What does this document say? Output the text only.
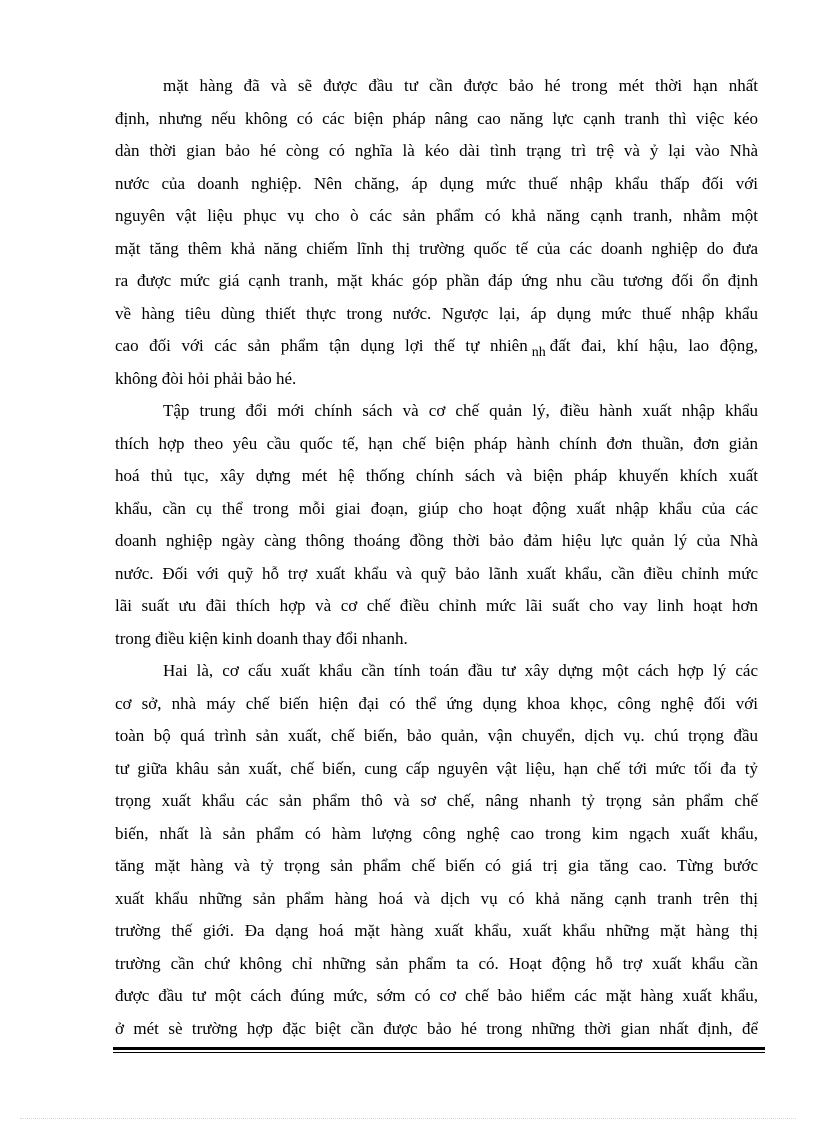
mặt hàng đã và sẽ được đầu tư cần được bảo hé trong mét thời hạn nhất
định, nhưng nếu không có các biện pháp nâng cao năng lực cạnh tranh thì việc kéo
dàn thời gian bảo hé còng có nghĩa là kéo dài tình trạng trì trệ và ỷ lại vào Nhà
nước của doanh nghiệp. Nên chăng, áp dụng mức thuế nhập khẩu thấp đối với
nguyên vật liệu phục vụ cho ò các sản phẩm có khả năng cạnh tranh, nhằm một
mặt tăng thêm khả năng chiếm lĩnh thị trường quốc tế của các doanh nghiệp do đưa
ra được mức giá cạnh tranh, mặt khác góp phần đáp ứng nhu cầu tương đối ổn định
về hàng tiêu dùng thiết thực trong nước. Ngược lại, áp dụng mức thuế nhập khẩu
cao đối với các sản phẩm tận dụng lợi thế tự nhiên $_{nh}$ đất đai, khí hậu, lao động,
không đòi hỏi phải bảo hé.
Tập trung đổi mới chính sách và cơ chế quản lý, điều hành xuất nhập khẩu
thích hợp theo yêu cầu quốc tế, hạn chế biện pháp hành chính đơn thuần, đơn giản
hoá thủ tục, xây dựng mét hệ thống chính sách và biện pháp khuyến khích xuất
khẩu, cần cụ thể trong mỗi giai đoạn, giúp cho hoạt động xuất nhập khẩu của các
doanh nghiệp ngày càng thông thoáng đồng thời bảo đảm hiệu lực quản lý của Nhà
nước. Đối với quỹ hỗ trợ xuất khẩu và quỹ bảo lãnh xuất khẩu, cần điều chỉnh mức
lãi suất ưu đãi thích hợp và cơ chế điều chỉnh mức lãi suất cho vay linh hoạt hơn
trong điều kiện kinh doanh thay đổi nhanh.
Hai là, cơ cấu xuất khẩu cần tính toán đầu tư xây dựng một cách hợp lý các
cơ sở, nhà máy chế biến hiện đại có thể ứng dụng khoa khọc, công nghệ đối với
toàn bộ quá trình sản xuất, chế biến, bảo quản, vận chuyển, dịch vụ. chú trọng đầu
tư giữa khâu sản xuất, chế biến, cung cấp nguyên vật liệu, hạn chế tới mức tối đa tỷ
trọng xuất khẩu các sản phẩm thô và sơ chế, nâng nhanh tỷ trọng sản phẩm chế
biến, nhất là sản phẩm có hàm lượng công nghệ cao trong kim ngạch xuất khẩu,
tăng mặt hàng và tỷ trọng sản phẩm chế biến có giá trị gia tăng cao. Từng bước
xuất khẩu những sản phẩm hàng hoá và dịch vụ có khả năng cạnh tranh trên thị
trường thế giới. Đa dạng hoá mặt hàng xuất khẩu, xuất khẩu những mặt hàng thị
trường cần chứ không chỉ những sản phẩm ta có. Hoạt động hỗ trợ xuất khẩu cần
được đầu tư một cách đúng mức, sớm có cơ chế bảo hiểm các mặt hàng xuất khẩu,
ở mét sè trường hợp đặc biệt cần được bảo hé trong những thời gian nhất định, để
